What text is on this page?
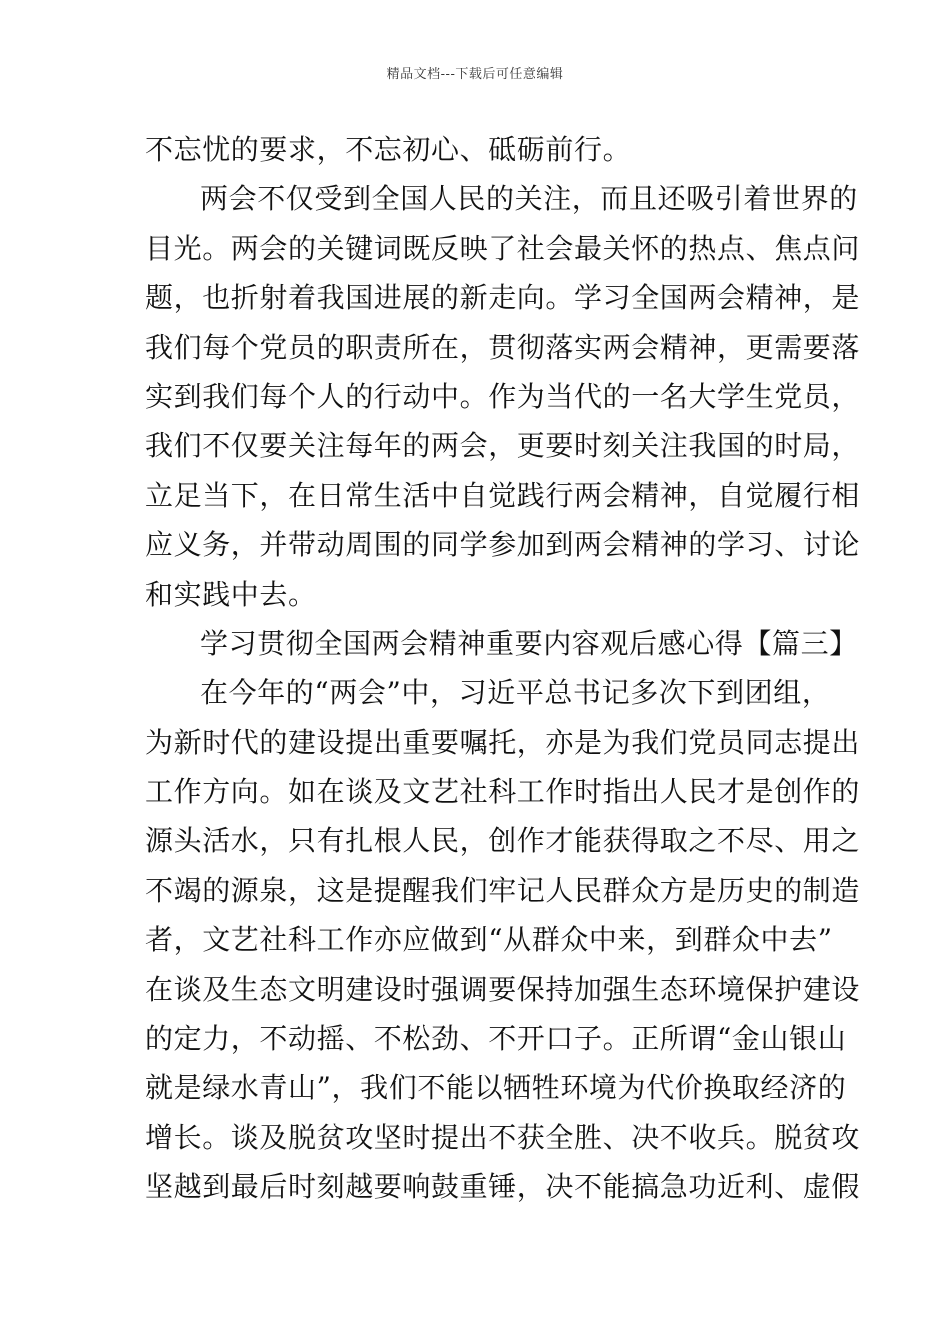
精品文档---下载后可任意编辑
不忘忧的要求，不忘初心、砥砺前行。
两会不仅受到全国人民的关注，而且还吸引着世界的
目光。两会的关键词既反映了社会最关怀的热点、焦点问
题，也折射着我国进展的新走向。学习全国两会精神，是
我们每个党员的职责所在，贯彻落实两会精神，更需要落
实到我们每个人的行动中。作为当代的一名大学生党员，
我们不仅要关注每年的两会，更要时刻关注我国的时局，
立足当下，在日常生活中自觉践行两会精神，自觉履行相
应义务，并带动周围的同学参加到两会精神的学习、讨论
和实践中去。
学习贯彻全国两会精神重要内容观后感心得【篇三】
在今年的“两会”中，习近平总书记多次下到团组，
为新时代的建设提出重要嘱托，亦是为我们党员同志提出
工作方向。如在谈及文艺社科工作时指出人民才是创作的
源头活水，只有扎根人民，创作才能获得取之不尽、用之
不竭的源泉，这是提醒我们牢记人民群众方是历史的制造
者，文艺社科工作亦应做到“从群众中来，到群众中去”
在谈及生态文明建设时强调要保持加强生态环境保护建设
的定力，不动摇、不松劲、不开口子。正所谓“金山银山
就是绿水青山”，我们不能以牺牲环境为代价换取经济的
增长。谈及脱贫攻坚时提出不获全胜、决不收兵。脱贫攻
坚越到最后时刻越要响鼓重锤，决不能搞急功近利、虚假
